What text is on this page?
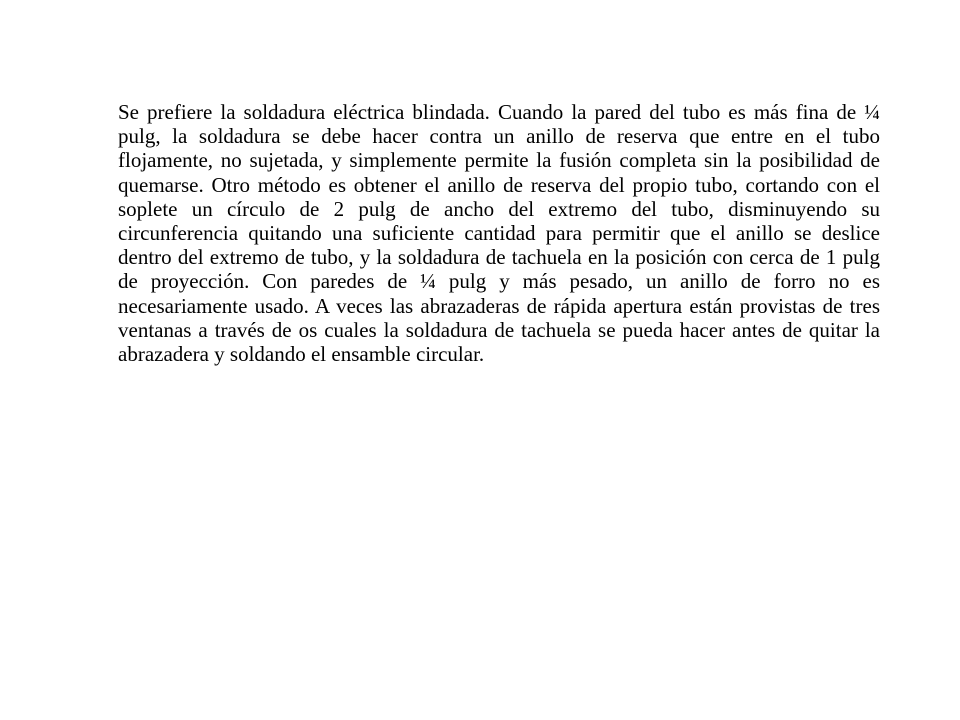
Se prefiere la soldadura eléctrica blindada. Cuando la pared del tubo es más fina de ¼ pulg, la soldadura se debe hacer contra un anillo de reserva que entre en el tubo flojamente, no sujetada, y simplemente permite la fusión completa sin la posibilidad de quemarse. Otro método es obtener el anillo de reserva del propio tubo, cortando con el soplete un círculo de 2 pulg de ancho del extremo del tubo, disminuyendo su circunferencia quitando una suficiente cantidad para permitir que el anillo se deslice dentro del extremo de tubo, y la soldadura de tachuela en la posición con cerca de 1 pulg de proyección. Con paredes de ¼ pulg y más pesado, un anillo de forro no es necesariamente usado. A veces las abrazaderas de rápida apertura están provistas de tres ventanas a través de os cuales la soldadura de tachuela se pueda hacer antes de quitar la abrazadera y soldando el ensamble circular.
